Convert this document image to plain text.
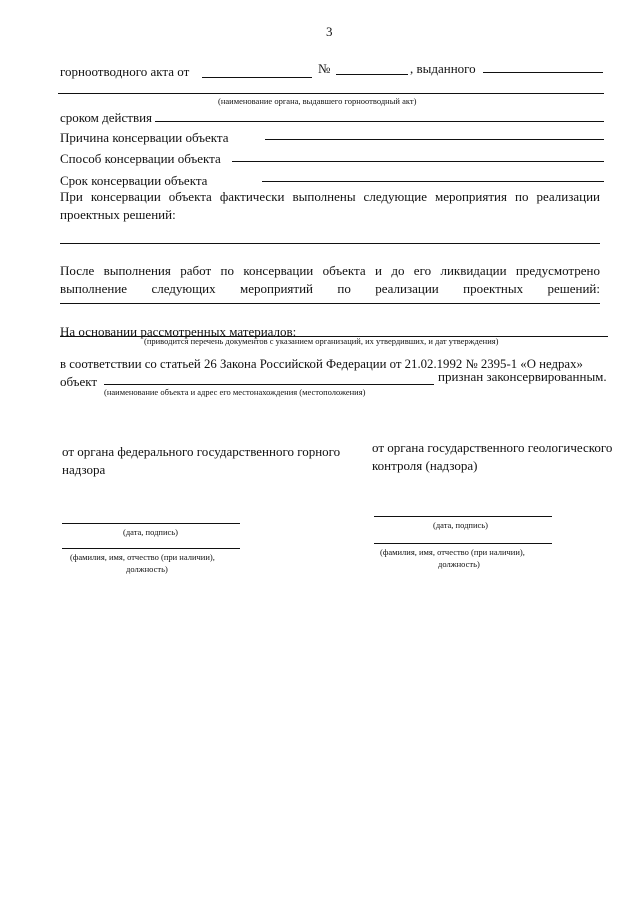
3
горноотводного акта от	№	, выданного
(наименование органа, выдавшего горноотводный акт)
сроком действия
Причина консервации объекта
Способ консервации объекта
Срок консервации объекта
При консервации объекта фактически выполнены следующие мероприятия по реализации
проектных решений:
После выполнения работ по консервации объекта и до его ликвидации предусмотрено
выполнение следующих мероприятий по реализации проектных решений:
На основании рассмотренных материалов:
(приводится перечень документов с указанием организаций, их утвердивших, и дат утверждения)
в соответствии со статьей 26 Закона Российской Федерации от 21.02.1992 № 2395-1 «О недрах»
объект	признан законсервированным.
(наименование объекта и адрес его местонахождения (местоположения)
от органа федерального государственного горного
надзора
(дата, подпись)
(фамилия, имя, отчество (при наличии),
должность)
от органа государственного геологического
контроля (надзора)
(дата, подпись)
(фамилия, имя, отчество (при наличии),
должность)
